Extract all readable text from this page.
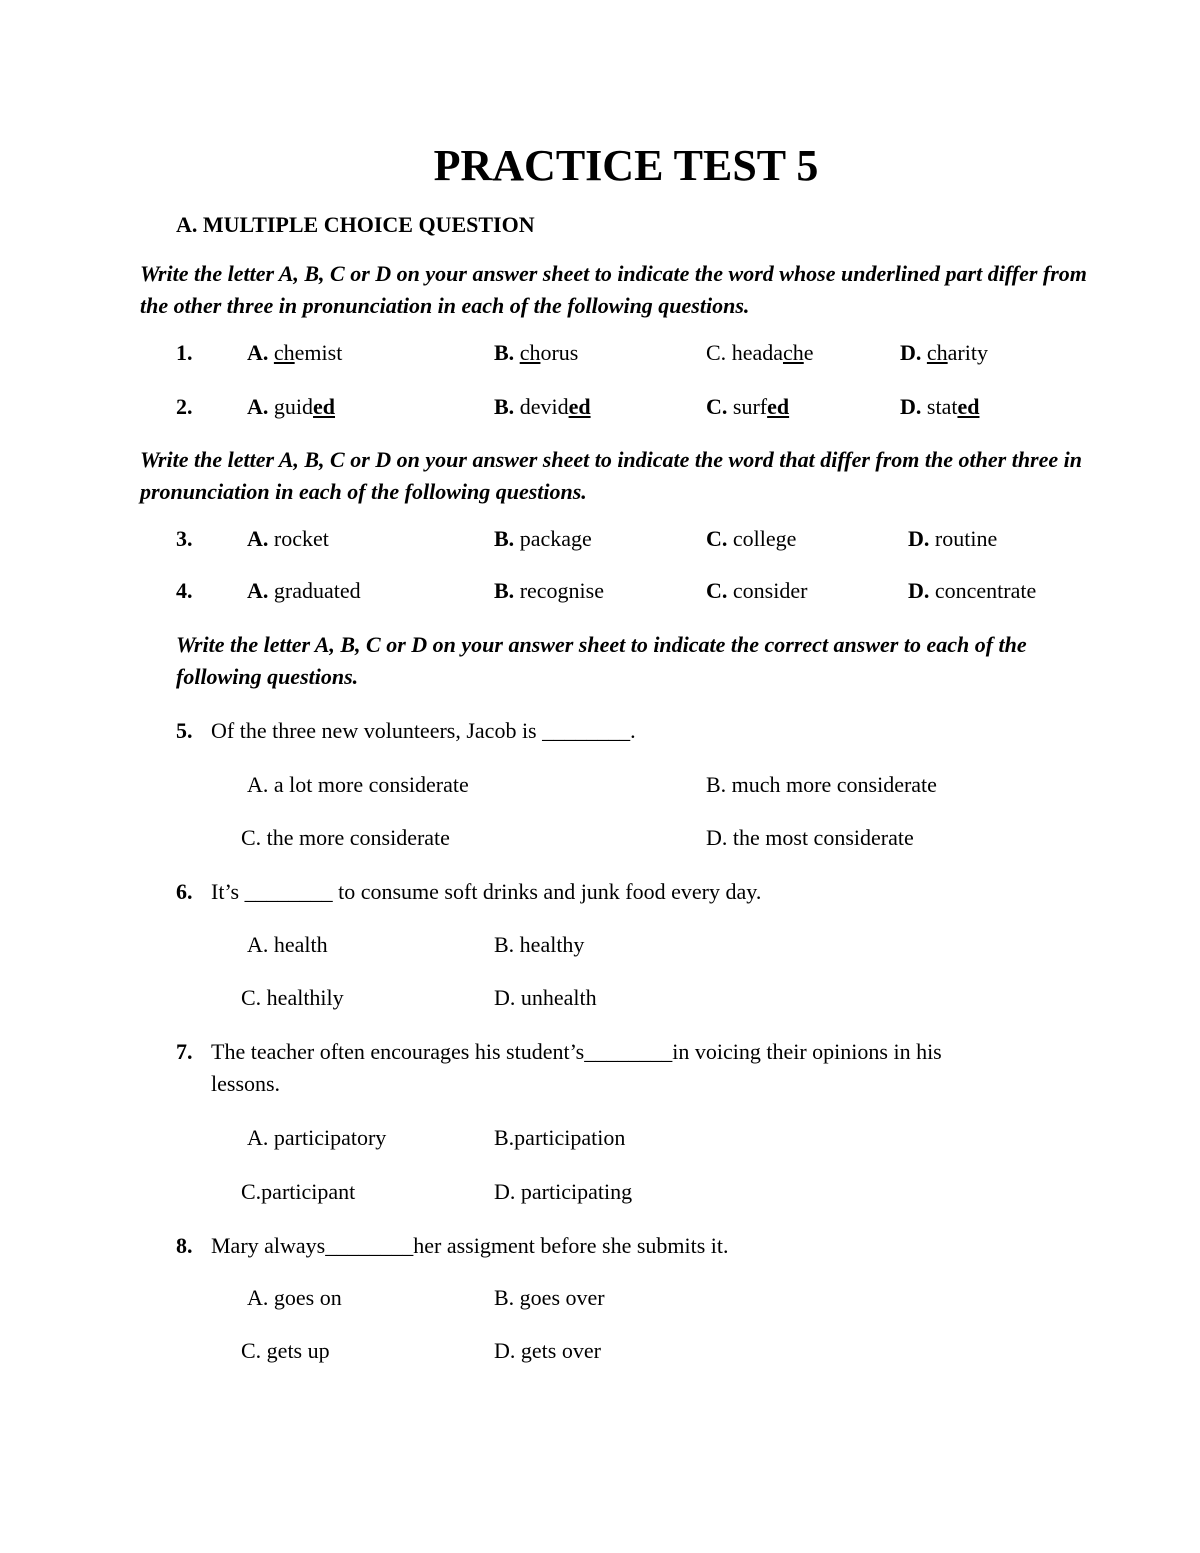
PRACTICE TEST 5
A. MULTIPLE CHOICE QUESTION
Write the letter A, B, C or D on your answer sheet to indicate the word whose underlined part differ from the other three in pronunciation in each of the following questions.
1. A. chemist	B. chorus	C. headache	D. charity
2. A. guided	B. devided	C. surfed	D. stated
Write the letter A, B, C or D on your answer sheet to indicate the word that differ from the other three in pronunciation in each of the following questions.
3. A. rocket	B. package	C. college	D. routine
4. A. graduated	B. recognise	C. consider	D. concentrate
Write the letter A, B, C or D on your answer sheet to indicate the correct answer to each of the following questions.
5. Of the three new volunteers, Jacob is ________.
A. a lot more considerate	B. much more considerate
C. the more considerate	D. the most considerate
6. It’s ________ to consume soft drinks and junk food every day.
A. health	B. healthy
C. healthily	D. unhealth
7. The teacher often encourages his student’s________in voicing their opinions in his
lessons.
A. participatory	B.participation
C.participant	D. participating
8. Mary always________her assigment before she submits it.
A. goes on	B. goes over
C. gets up	D. gets over
